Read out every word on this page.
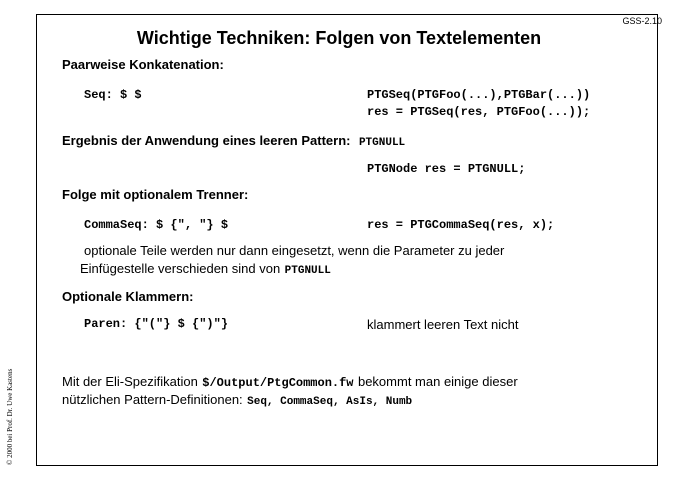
GSS-2.10
Wichtige Techniken: Folgen von Textelementen
Paarweise Konkatenation:
Seq: $ $	PTGSeq(PTGFoo(...),PTGBar(...))
res = PTGSeq(res, PTGFoo(...));
Ergebnis der Anwendung eines leeren Pattern: PTGNULL
PTGNode res = PTGNULL;
Folge mit optionalem Trenner:
CommaSeq: $ {", "} $	res = PTGCommaSeq(res, x);
optionale Teile werden nur dann eingesetzt, wenn die Parameter zu jeder
Einfügestelle verschieden sind von PTGNULL
Optionale Klammern:
Paren: {"("} $ {")"}	klammert leeren Text nicht
Mit der Eli-Spezifikation $/Output/PtgCommon.fw bekommt man einige dieser
nützlichen Pattern-Definitionen: Seq, CommaSeq, AsIs, Numb
© 2000 bei Prof. Dr. Uwe Kastens
